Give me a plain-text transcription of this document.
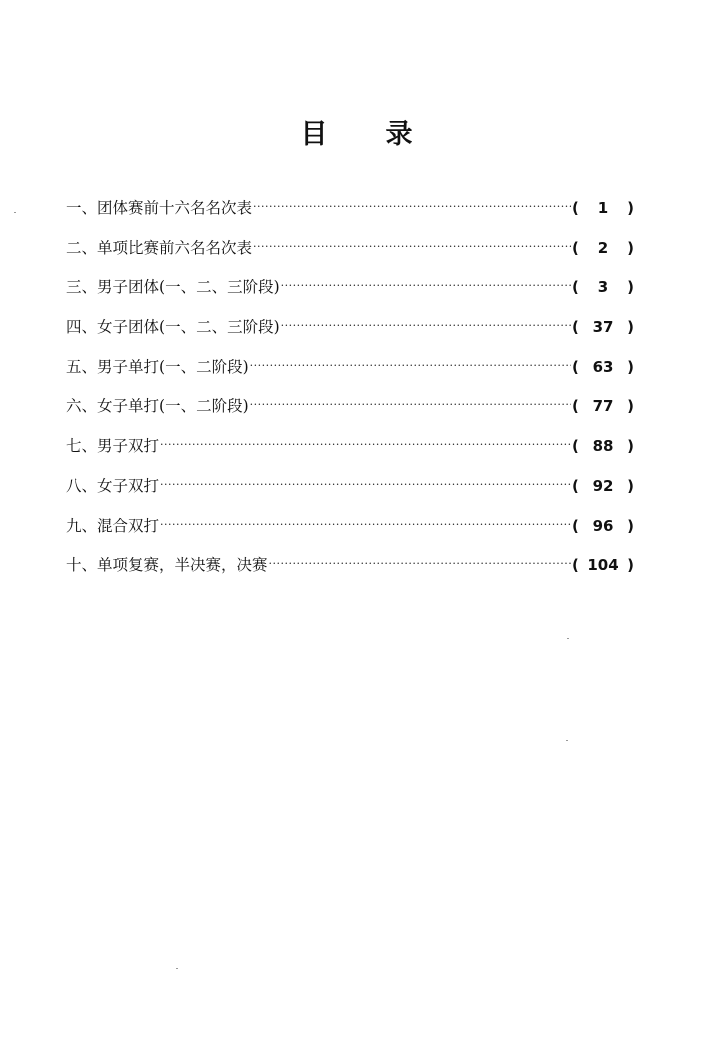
目 录
一、 团体赛前十六名名次表 ·····	(	1	)
二、 单项比赛前六名名次表 ·····	(	2	)
三、 男子团体(一、二、三阶段) ·····	(	3	)
四、 女子团体(一、二、三阶段) ·····	( 37 )
五、 男子单打(一、二阶段) ·····	( 63 )
六、 女子单打(一、二阶段) ·····	( 77 )
七、 男子双打 ·····	( 88 )
八、 女子双打 ·····	( 92 )
九、 混合双打 ·····	( 96 )
十、 单项复赛，半决赛，决赛 ·····	( 104 )
